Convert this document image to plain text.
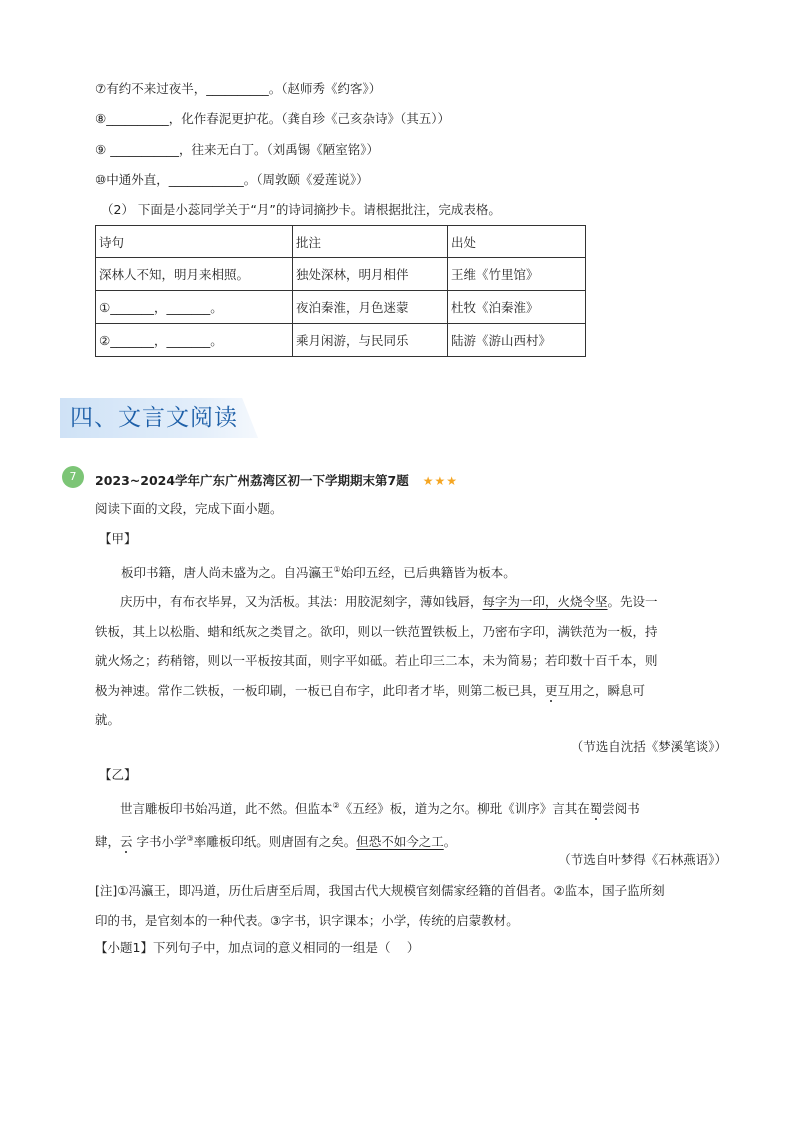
⑦有约不来过夜半，__________。（赵师秀《约客》）
⑧__________，化作春泥更护花。（龚自珍《己亥杂诗》（其五））
⑨ ___________，往来无白丁。（刘禹锡《陋室铭》）
⑩中通外直，____________。（周敦颐《爱莲说》）
（2） 下面是小蕊同学关于“月”的诗词摘抄卡。请根据批注，完成表格。
诗句	批注	出处
深林人不知，明月来相照。	独处深林，明月相伴	王维《竹里馆》
①_______，_______。	夜泊秦淮，月色迷蒙	杜牧《泊秦淮》
②_______，_______。	乘月闲游，与民同乐	陆游《游山西村》
四、文言文阅读
7	2023~2024学年广东广州荔湾区初一下学期期末第7题 ★★★
阅读下面的文段，完成下面小题。
【甲】
板印书籍，唐人尚未盛为之。自冯瀛王①始印五经，已后典籍皆为板本。
庆历中，有布衣毕昇，又为活板。其法：用胶泥刻字，薄如钱唇，每字为一印，火烧令坚。先设一
铁板，其上以松脂、蜡和纸灰之类冒之。欲印，则以一铁范置铁板上，乃密布字印，满铁范为一板，持
就火炀之；药稍镕，则以一平板按其面，则字平如砥。若止印三二本，未为简易；若印数十百千本，则
极为神速。常作二铁板，一板印刷，一板已自布字，此印者才毕，则第二板已具，更互用之，瞬息可
就。
（节选自沈括《梦溪笔谈》）
【乙】
世言雕板印书始冯道，此不然。但监本②《五经》板，道为之尔。柳玭《训序》言其在蜀尝阅书
肆，云 字书小学③率雕板印纸。则唐固有之矣。但恐不如今之工。
（节选自叶梦得《石林燕语》）
[注]①冯瀛王，即冯道，历仕后唐至后周，我国古代大规模官刻儒家经籍的首倡者。②监本，国子监所刻
印的书，是官刻本的一种代表。③字书，识字课本；小学，传统的启蒙教材。
【小题1】下列句子中，加点词的意义相同的一组是（　 ）
